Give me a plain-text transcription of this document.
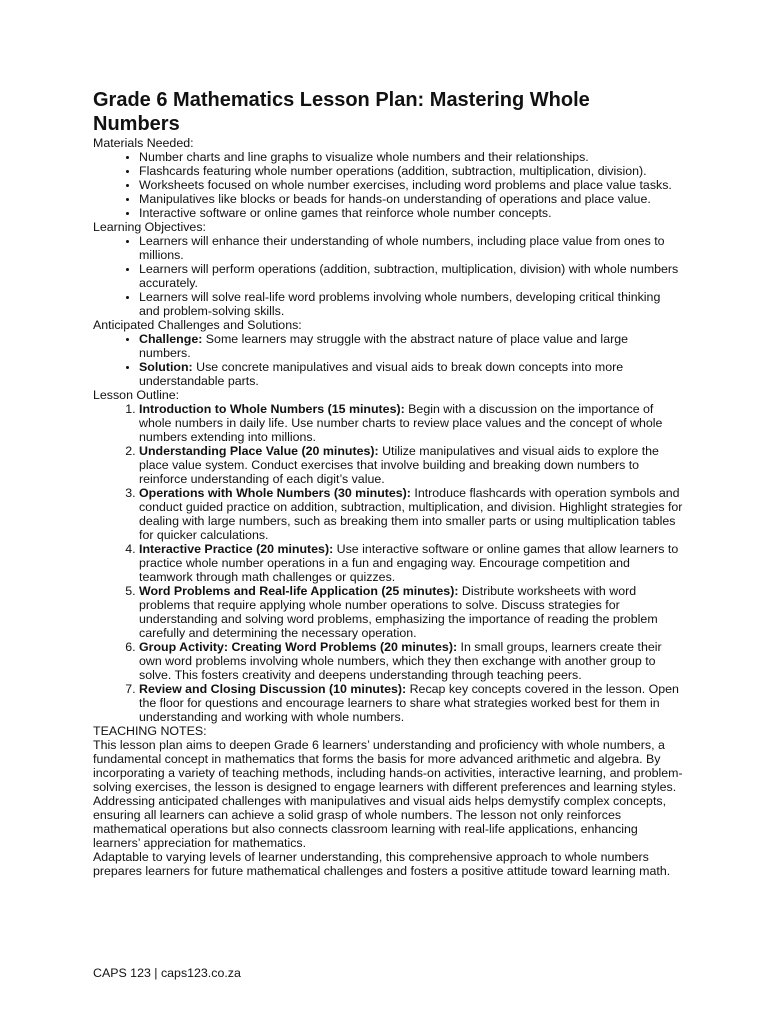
Grade 6 Mathematics Lesson Plan: Mastering Whole Numbers

Materials Needed:

• Number charts and line graphs to visualize whole numbers and their relationships.
• Flashcards featuring whole number operations (addition, subtraction, multiplication, division).
• Worksheets focused on whole number exercises, including word problems and place value tasks.
• Manipulatives like blocks or beads for hands-on understanding of operations and place value.
• Interactive software or online games that reinforce whole number concepts.

Learning Objectives:

• Learners will enhance their understanding of whole numbers, including place value from ones to millions.
• Learners will perform operations (addition, subtraction, multiplication, division) with whole numbers accurately.
• Learners will solve real-life word problems involving whole numbers, developing critical thinking and problem-solving skills.

Anticipated Challenges and Solutions:

• Challenge: Some learners may struggle with the abstract nature of place value and large numbers.
• Solution: Use concrete manipulatives and visual aids to break down concepts into more understandable parts.

Lesson Outline:

1. Introduction to Whole Numbers (15 minutes): Begin with a discussion on the importance of whole numbers in daily life. Use number charts to review place values and the concept of whole numbers extending into millions.
2. Understanding Place Value (20 minutes): Utilize manipulatives and visual aids to explore the place value system. Conduct exercises that involve building and breaking down numbers to reinforce understanding of each digit’s value.
3. Operations with Whole Numbers (30 minutes): Introduce flashcards with operation symbols and conduct guided practice on addition, subtraction, multiplication, and division. Highlight strategies for dealing with large numbers, such as breaking them into smaller parts or using multiplication tables for quicker calculations.
4. Interactive Practice (20 minutes): Use interactive software or online games that allow learners to practice whole number operations in a fun and engaging way. Encourage competition and teamwork through math challenges or quizzes.
5. Word Problems and Real-life Application (25 minutes): Distribute worksheets with word problems that require applying whole number operations to solve. Discuss strategies for understanding and solving word problems, emphasizing the importance of reading the problem carefully and determining the necessary operation.
6. Group Activity: Creating Word Problems (20 minutes): In small groups, learners create their own word problems involving whole numbers, which they then exchange with another group to solve. This fosters creativity and deepens understanding through teaching peers.
7. Review and Closing Discussion (10 minutes): Recap key concepts covered in the lesson. Open the floor for questions and encourage learners to share what strategies worked best for them in understanding and working with whole numbers.

TEACHING NOTES:

This lesson plan aims to deepen Grade 6 learners’ understanding and proficiency with whole numbers, a fundamental concept in mathematics that forms the basis for more advanced arithmetic and algebra. By incorporating a variety of teaching methods, including hands-on activities, interactive learning, and problem-solving exercises, the lesson is designed to engage learners with different preferences and learning styles. Addressing anticipated challenges with manipulatives and visual aids helps demystify complex concepts, ensuring all learners can achieve a solid grasp of whole numbers. The lesson not only reinforces mathematical operations but also connects classroom learning with real-life applications, enhancing learners’ appreciation for mathematics.

Adaptable to varying levels of learner understanding, this comprehensive approach to whole numbers prepares learners for future mathematical challenges and fosters a positive attitude toward learning math.

CAPS 123 | caps123.co.za
